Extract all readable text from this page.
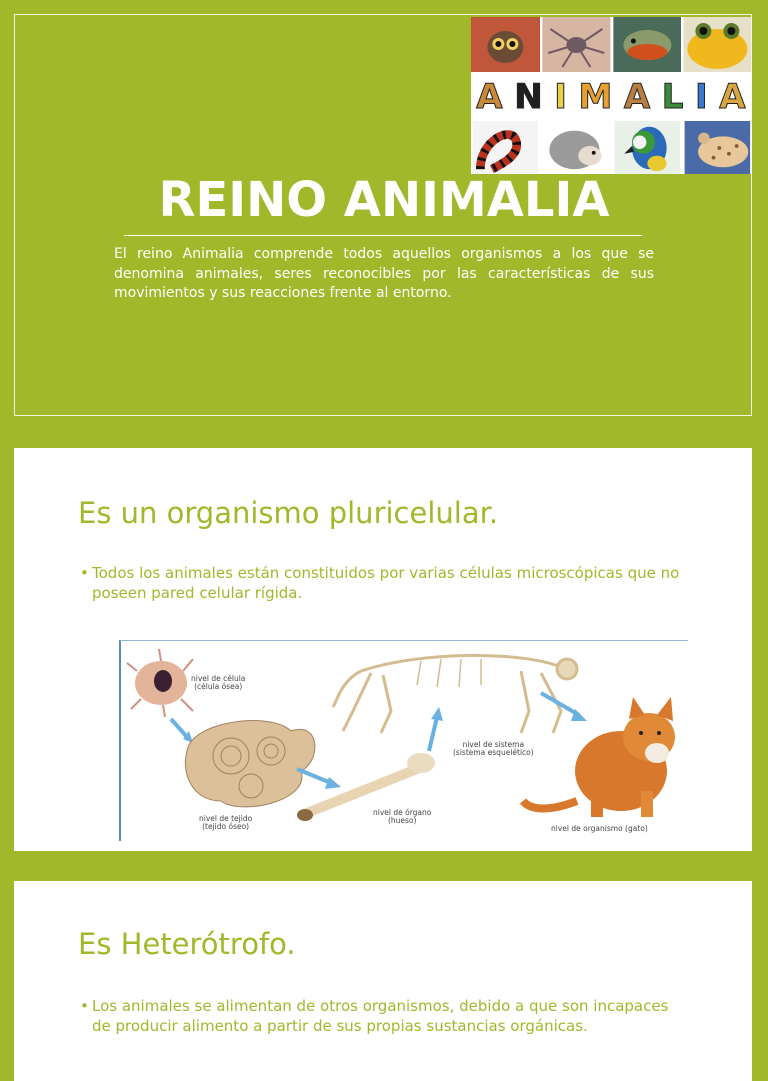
A N I M A L I A
REINO ANIMALIA

El reino Animalia comprende todos aquellos organismos a los que se denomina animales, seres reconocibles por las características de sus movimientos y sus reacciones frente al entorno.

Es un organismo pluricelular.
• Todos los animales están constituidos por varias células microscópicas que no poseen pared celular rígida.
nivel de célula
(célula ósea)
nivel de tejido
(tejido óseo)
nivel de órgano
(hueso)
nivel de sistema
(sistema esquelético)
nivel de organismo (gato)
Es Heterótrofo.
• Los animales se alimentan de otros organismos, debido a que son incapaces de producir alimento a partir de sus propias sustancias orgánicas.
